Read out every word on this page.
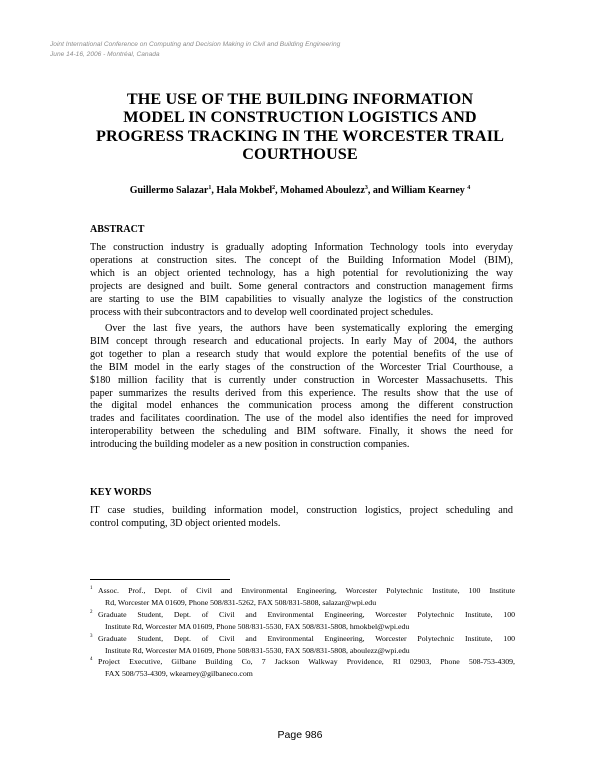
Joint International Conference on Computing and Decision Making in Civil and Building Engineering
June 14-16, 2006 - Montréal, Canada
THE USE OF THE BUILDING INFORMATION
MODEL IN CONSTRUCTION LOGISTICS AND
PROGRESS TRACKING IN THE WORCESTER TRAIL
COURTHOUSE
Guillermo Salazar$^1$, Hala Mokbel$^2$, Mohamed Aboulezz$^3$, and William Kearney $^4$
ABSTRACT
The construction industry is gradually adopting Information Technology tools into everyday
operations at construction sites. The concept of the Building Information Model (BIM),
which is an object oriented technology, has a high potential for revolutionizing the way
projects are designed and built. Some general contractors and construction management firms
are starting to use the BIM capabilities to visually analyze the logistics of the construction
process with their subcontractors and to develop well coordinated project schedules.
Over the last five years, the authors have been systematically exploring the emerging
BIM concept through research and educational projects. In early May of 2004, the authors
got together to plan a research study that would explore the potential benefits of the use of
the BIM model in the early stages of the construction of the Worcester Trial Courthouse, a
$180 million facility that is currently under construction in Worcester Massachusetts. This
paper summarizes the results derived from this experience. The results show that the use of
the digital model enhances the communication process among the different construction
trades and facilitates coordination. The use of the model also identifies the need for improved
interoperability between the scheduling and BIM software. Finally, it shows the need for
introducing the building modeler as a new position in construction companies.
KEY WORDS
IT case studies, building information model, construction logistics, project scheduling and
control computing, 3D object oriented models.
1 Assoc. Prof., Dept. of Civil and Environmental Engineering, Worcester Polytechnic Institute, 100 Institute
Rd, Worcester MA 01609, Phone 508/831-5262, FAX 508/831-5808, salazar@wpi.edu
2 Graduate Student, Dept. of Civil and Environmental Engineering, Worcester Polytechnic Institute, 100
Institute Rd, Worcester MA 01609, Phone 508/831-5530, FAX 508/831-5808, hmokbel@wpi.edu
3 Graduate Student, Dept. of Civil and Environmental Engineering, Worcester Polytechnic Institute, 100
Institute Rd, Worcester MA 01609, Phone 508/831-5530, FAX 508/831-5808, aboulezz@wpi.edu
4 Project Executive, Gilbane Building Co, 7 Jackson Walkway Providence, RI 02903, Phone 508-753-4309,
FAX 508/753-4309, wkearney@gilbaneco.com
Page 986
